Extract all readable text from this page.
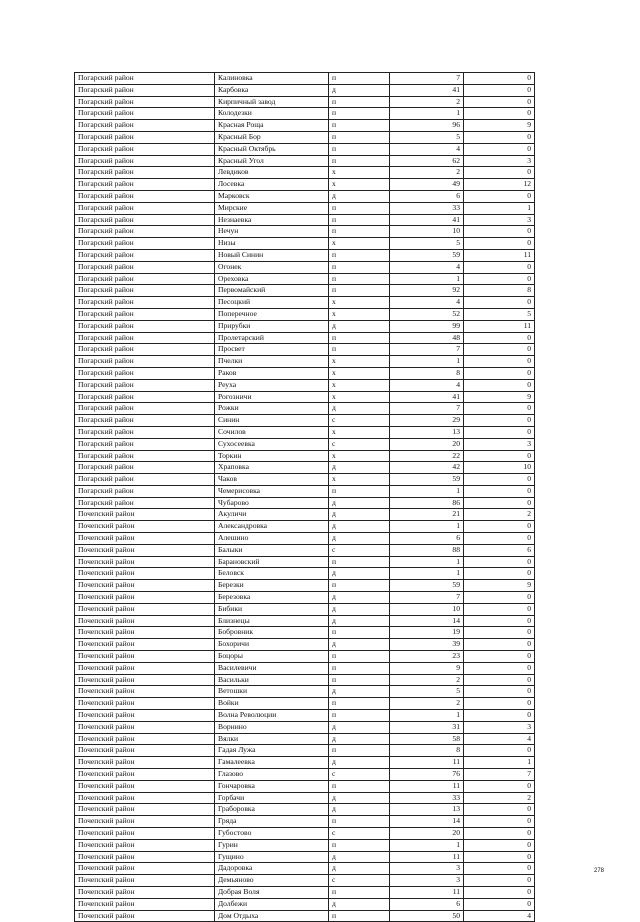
Погарский район	Калиновка	п	7	0
Погарский район	Карбовка	д	41	0
Погарский район	Кирпичный завод	п	2	0
Погарский район	Колодезки	п	1	0
Погарский район	Красная Роща	п	96	9
Погарский район	Красный Бор	п	5	0
Погарский район	Красный Октябрь	п	4	0
Погарский район	Красный Угол	п	62	3
Погарский район	Левдиков	х	2	0
Погарский район	Лосевка	х	49	12
Погарский район	Марковск	д	6	0
Погарский район	Мирские	п	33	1
Погарский район	Незнаевка	п	41	3
Погарский район	Нечун	п	10	0
Погарский район	Низы	х	5	0
Погарский район	Новый Синин	п	59	11
Погарский район	Огонек	п	4	0
Погарский район	Ореховка	п	1	0
Погарский район	Первомайский	п	92	8
Погарский район	Песоцкий	х	4	0
Погарский район	Поперечное	х	52	5
Погарский район	Прирубки	д	99	11
Погарский район	Пролетарский	п	48	0
Погарский район	Просвет	п	7	0
Погарский район	Пчелки	х	1	0
Погарский район	Раков	х	8	0
Погарский район	Реуха	х	4	0
Погарский район	Рогозничи	х	41	9
Погарский район	Рожки	д	7	0
Погарский район	Синин	с	29	0
Погарский район	Сочилов	х	13	0
Погарский район	Сухосеевка	с	20	3
Погарский район	Торкин	х	22	0
Погарский район	Храповка	д	42	10
Погарский район	Чаков	х	59	0
Погарский район	Чемерисовка	п	1	0
Погарский район	Чубарово	д	86	0
Почепский район	Акуличи	д	21	2
Почепский район	Александровка	д	1	0
Почепский район	Алешино	д	6	0
Почепский район	Балыки	с	88	6
Почепский район	Барановский	п	1	0
Почепский район	Беловск	д	1	0
Почепский район	Березки	п	59	9
Почепский район	Березовка	д	7	0
Почепский район	Бибики	д	10	0
Почепский район	Близнецы	д	14	0
Почепский район	Бобровник	п	19	0
Почепский район	Бохоричи	д	39	0
Почепский район	Боцоры	п	23	0
Почепский район	Василевичи	п	9	0
Почепский район	Васильки	п	2	0
Почепский район	Ветошки	д	5	0
Почепский район	Войки	п	2	0
Почепский район	Волна Революции	п	1	0
Почепский район	Ворнино	д	31	3
Почепский район	Вялки	д	58	4
Почепский район	Гадая Лужа	п	8	0
Почепский район	Гамалеевка	д	11	1
Почепский район	Глазово	с	76	7
Почепский район	Гончаровка	п	11	0
Почепский район	Горбачи	д	33	2
Почепский район	Граборовка	д	13	0
Почепский район	Гряда	п	14	0
Почепский район	Губостово	с	20	0
Почепский район	Гурин	п	1	0
Почепский район	Гущино	д	11	0
Почепский район	Дадоровка	д	3	0
Почепский район	Демьяново	с	3	0
Почепский район	Добрая Воля	п	11	0
Почепский район	Долбежи	д	6	0
Почепский район	Дом Отдыха	п	50	4
278
